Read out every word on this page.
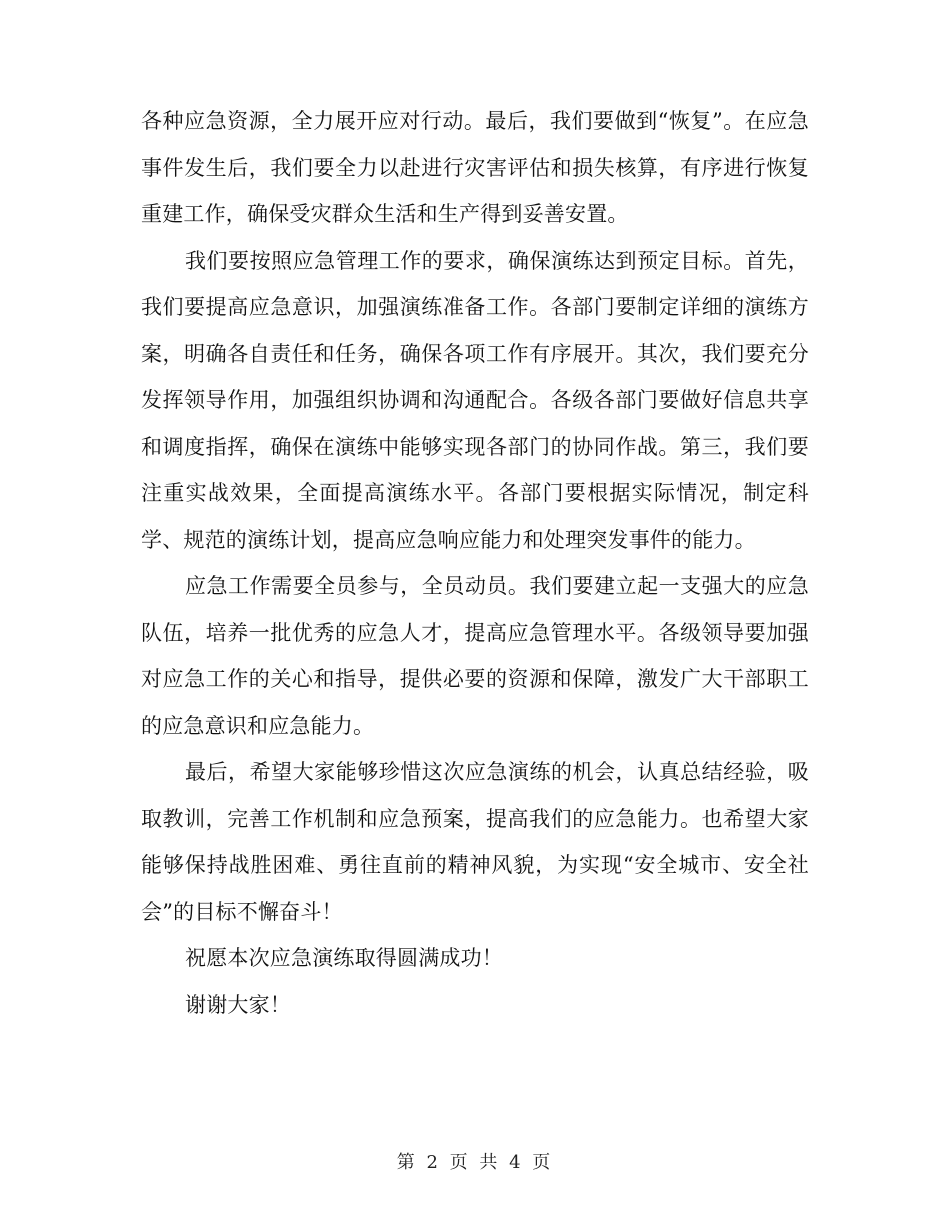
各种应急资源，全力展开应对行动。最后，我们要做到“恢复”。在应急事件发生后，我们要全力以赴进行灾害评估和损失核算，有序进行恢复重建工作，确保受灾群众生活和生产得到妥善安置。

我们要按照应急管理工作的要求，确保演练达到预定目标。首先，我们要提高应急意识，加强演练准备工作。各部门要制定详细的演练方案，明确各自责任和任务，确保各项工作有序展开。其次，我们要充分发挥领导作用，加强组织协调和沟通配合。各级各部门要做好信息共享和调度指挥，确保在演练中能够实现各部门的协同作战。第三，我们要注重实战效果，全面提高演练水平。各部门要根据实际情况，制定科学、规范的演练计划，提高应急响应能力和处理突发事件的能力。

应急工作需要全员参与，全员动员。我们要建立起一支强大的应急队伍，培养一批优秀的应急人才，提高应急管理水平。各级领导要加强对应急工作的关心和指导，提供必要的资源和保障，激发广大干部职工的应急意识和应急能力。

最后，希望大家能够珍惜这次应急演练的机会，认真总结经验，吸取教训，完善工作机制和应急预案，提高我们的应急能力。也希望大家能够保持战胜困难、勇往直前的精神风貌，为实现“安全城市、安全社会”的目标不懈奋斗！

祝愿本次应急演练取得圆满成功！

谢谢大家！

第 2 页 共 4 页
